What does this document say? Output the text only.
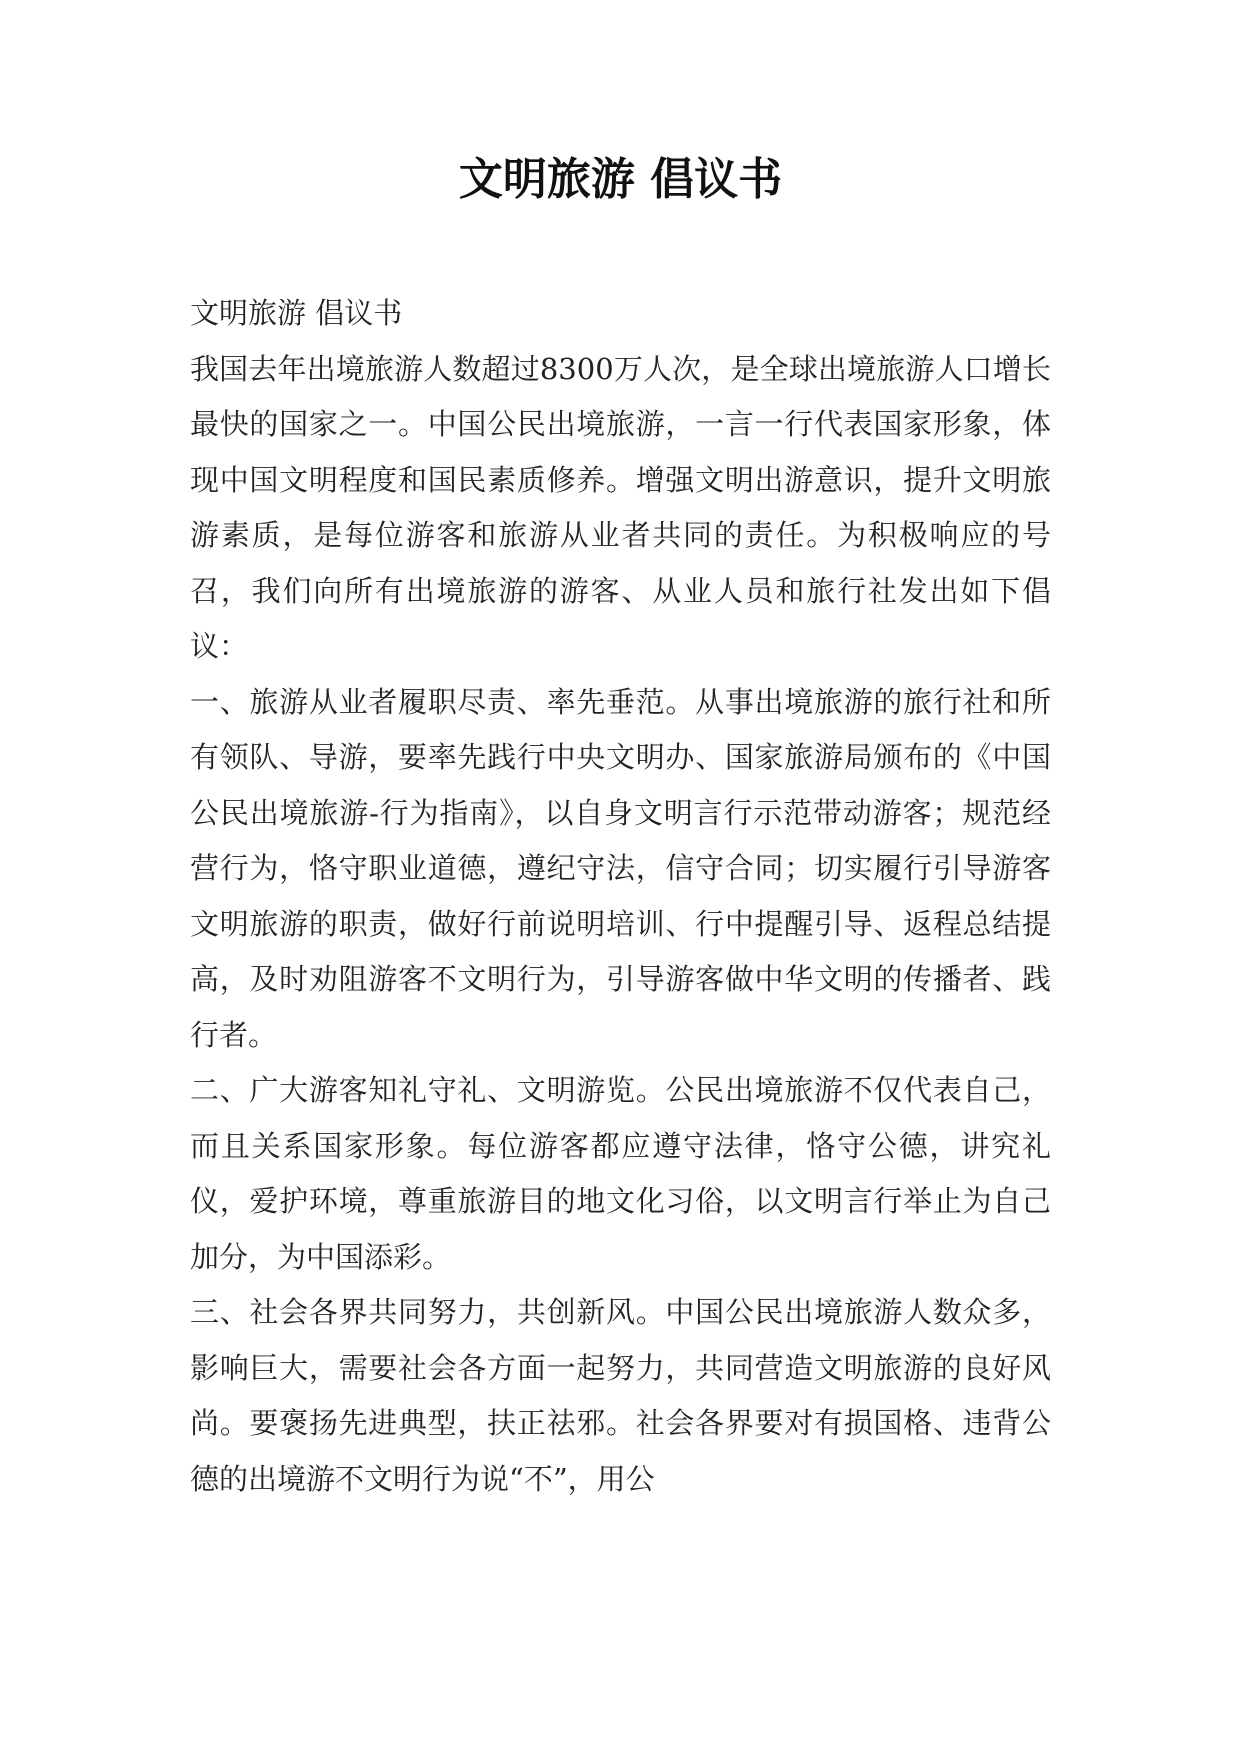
文明旅游 倡议书

文明旅游 倡议书

我国去年出境旅游人数超过8300万人次，是全球出境旅游人口增长最快的国家之一。中国公民出境旅游，一言一行代表国家形象，体现中国文明程度和国民素质修养。增强文明出游意识，提升文明旅游素质，是每位游客和旅游从业者共同的责任。为积极响应的号召，我们向所有出境旅游的游客、从业人员和旅行社发出如下倡议：

一、旅游从业者履职尽责、率先垂范。从事出境旅游的旅行社和所有领队、导游，要率先践行中央文明办、国家旅游局颁布的《中国公民出境旅游-行为指南》，以自身文明言行示范带动游客；规范经营行为，恪守职业道德，遵纪守法，信守合同；切实履行引导游客文明旅游的职责，做好行前说明培训、行中提醒引导、返程总结提高，及时劝阻游客不文明行为，引导游客做中华文明的传播者、践行者。

二、广大游客知礼守礼、文明游览。公民出境旅游不仅代表自己，而且关系国家形象。每位游客都应遵守法律，恪守公德，讲究礼仪，爱护环境，尊重旅游目的地文化习俗，以文明言行举止为自己加分，为中国添彩。

三、社会各界共同努力，共创新风。中国公民出境旅游人数众多，影响巨大，需要社会各方面一起努力，共同营造文明旅游的良好风尚。要褒扬先进典型，扶正祛邪。社会各界要对有损国格、违背公德的出境游不文明行为说“不”，用公
